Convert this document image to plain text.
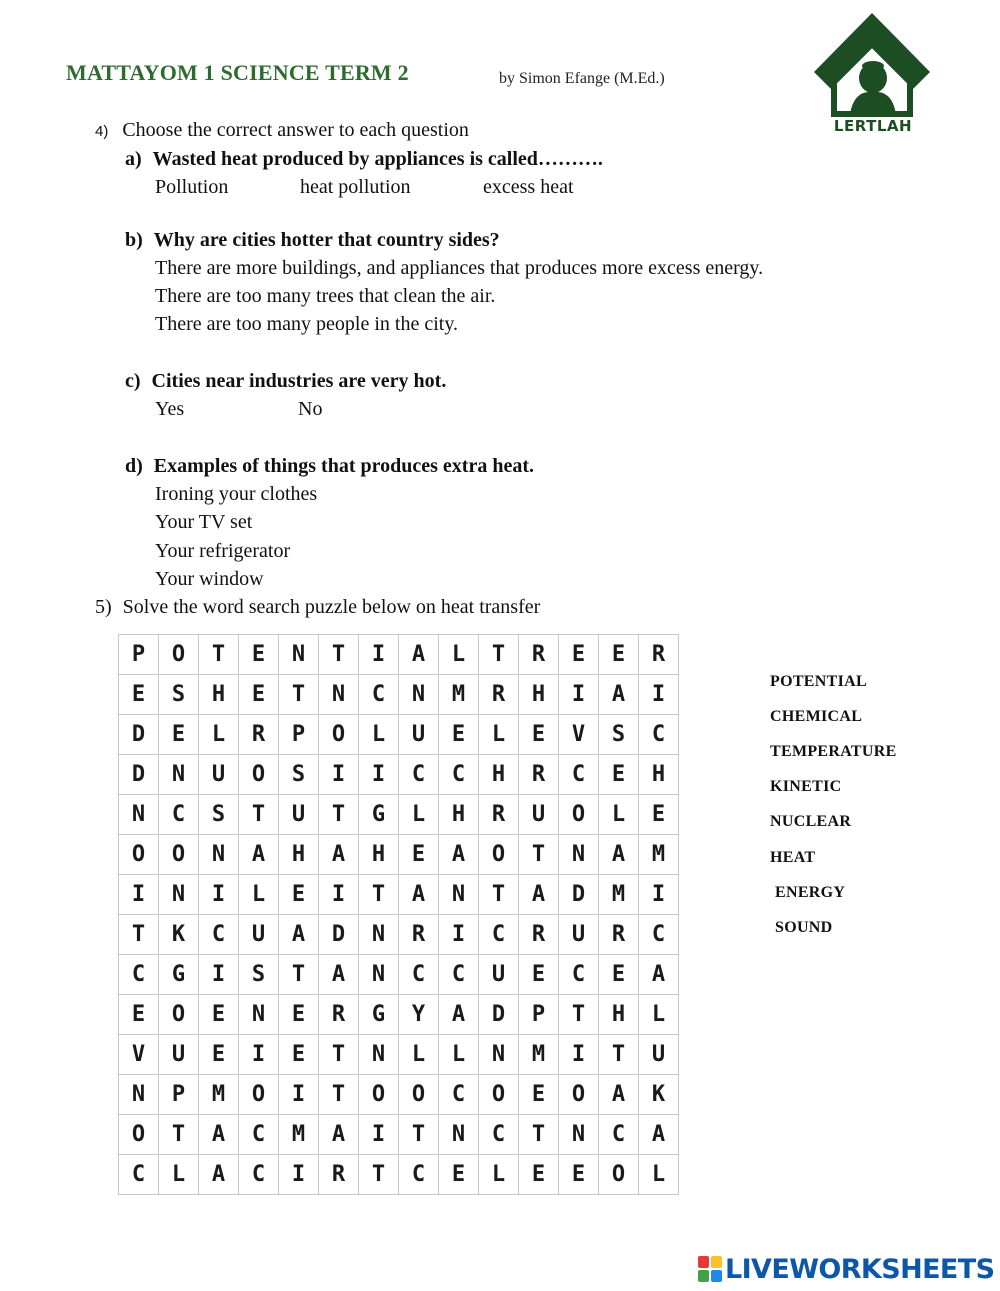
MATTAYOM 1 SCIENCE TERM 2	by Simon Efange (M.Ed.)
LERTLAH
4) Choose the correct answer to each question
a) Wasted heat produced by appliances is called……….
Pollution	heat pollution	excess heat
b) Why are cities hotter that country sides?
There are more buildings, and appliances that produces more excess energy.
There are too many trees that clean the air.
There are too many people in the city.
c) Cities near industries are very hot.
Yes	No
d) Examples of things that produces extra heat.
Ironing your clothes
Your TV set
Your refrigerator
Your window
5) Solve the word search puzzle below on heat transfer
P	O	T	E	N	T	I	A	L	T	R	E	E	R
E	S	H	E	T	N	C	N	M	R	H	I	A	I
D	E	L	R	P	O	L	U	E	L	E	V	S	C
D	N	U	O	S	I	I	C	C	H	R	C	E	H
N	C	S	T	U	T	G	L	H	R	U	O	L	E
O	O	N	A	H	A	H	E	A	O	T	N	A	M
I	N	I	L	E	I	T	A	N	T	A	D	M	I
T	K	C	U	A	D	N	R	I	C	R	U	R	C
C	G	I	S	T	A	N	C	C	U	E	C	E	A
E	O	E	N	E	R	G	Y	A	D	P	T	H	L
V	U	E	I	E	T	N	L	L	N	M	I	T	U
N	P	M	O	I	T	O	O	C	O	E	O	A	K
O	T	A	C	M	A	I	T	N	C	T	N	C	A
C	L	A	C	I	R	T	C	E	L	E	E	O	L
POTENTIAL
CHEMICAL
TEMPERATURE
KINETIC
NUCLEAR
HEAT
ENERGY
SOUND
LIVEWORKSHEETS
